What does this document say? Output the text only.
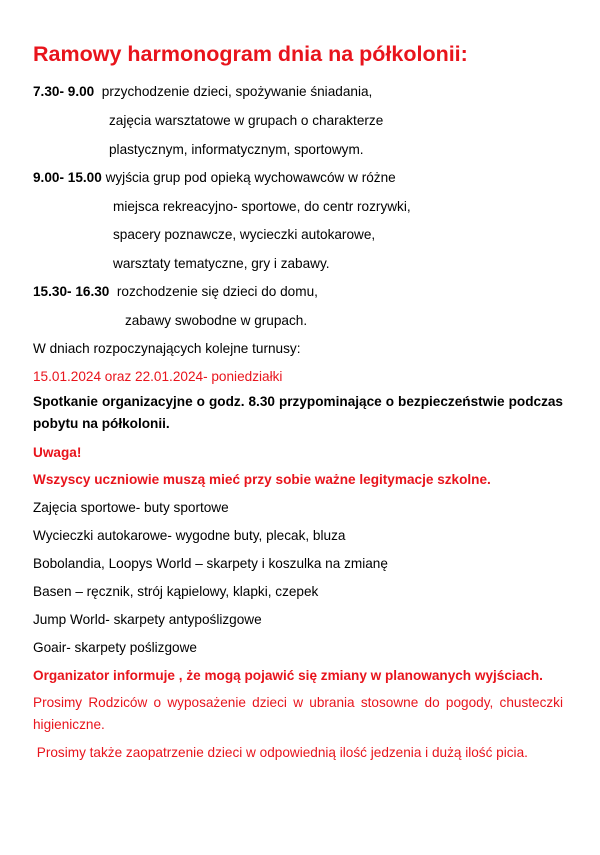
Ramowy harmonogram dnia na półkolonii:
7.30- 9.00 przychodzenie dzieci, spożywanie śniadania,
zajęcia warsztatowe w grupach o charakterze
plastycznym, informatycznym, sportowym.
9.00- 15.00 wyjścia grup pod opieką wychowawców w różne
miejsca rekreacyjno- sportowe, do centr rozrywki,
spacery poznawcze, wycieczki autokarowe,
warsztaty tematyczne, gry i zabawy.
15.30- 16.30 rozchodzenie się dzieci do domu,
zabawy swobodne w grupach.
W dniach rozpoczynających kolejne turnusy:
15.01.2024 oraz 22.01.2024- poniedziałki
Spotkanie organizacyjne o godz. 8.30 przypominające o bezpieczeństwie podczas pobytu na półkolonii.
Uwaga!
Wszyscy uczniowie muszą mieć przy sobie ważne legitymacje szkolne.
Zajęcia sportowe- buty sportowe
Wycieczki autokarowe- wygodne buty, plecak, bluza
Bobolandia, Loopys World – skarpety i koszulka na zmianę
Basen – ręcznik, strój kąpielowy, klapki, czepek
Jump World- skarpety antypoślizgowe
Goair- skarpety poślizgowe
Organizator informuje , że mogą pojawić się zmiany w planowanych wyjściach.
Prosimy Rodziców o wyposażenie dzieci w ubrania stosowne do pogody, chusteczki higieniczne.
Prosimy także zaopatrzenie dzieci w odpowiednią ilość jedzenia i dużą ilość picia.
